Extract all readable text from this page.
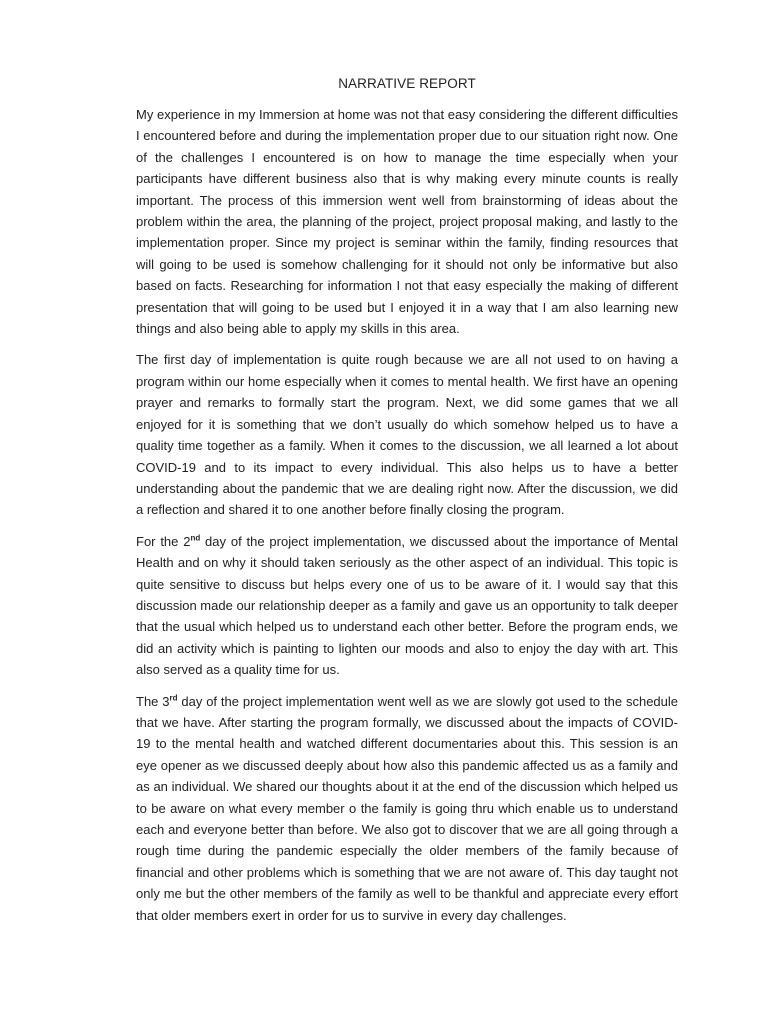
NARRATIVE REPORT

My experience in my Immersion at home was not that easy considering the different difficulties I encountered before and during the implementation proper due to our situation right now. One of the challenges I encountered is on how to manage the time especially when your participants have different business also that is why making every minute counts is really important. The process of this immersion went well from brainstorming of ideas about the problem within the area, the planning of the project, project proposal making, and lastly to the implementation proper. Since my project is seminar within the family, finding resources that will going to be used is somehow challenging for it should not only be informative but also based on facts. Researching for information I not that easy especially the making of different presentation that will going to be used but I enjoyed it in a way that I am also learning new things and also being able to apply my skills in this area.

The first day of implementation is quite rough because we are all not used to on having a program within our home especially when it comes to mental health. We first have an opening prayer and remarks to formally start the program. Next, we did some games that we all enjoyed for it is something that we don’t usually do which somehow helped us to have a quality time together as a family. When it comes to the discussion, we all learned a lot about COVID-19 and to its impact to every individual. This also helps us to have a better understanding about the pandemic that we are dealing right now. After the discussion, we did a reflection and shared it to one another before finally closing the program.

For the 2nd day of the project implementation, we discussed about the importance of Mental Health and on why it should taken seriously as the other aspect of an individual. This topic is quite sensitive to discuss but helps every one of us to be aware of it. I would say that this discussion made our relationship deeper as a family and gave us an opportunity to talk deeper that the usual which helped us to understand each other better. Before the program ends, we did an activity which is painting to lighten our moods and also to enjoy the day with art. This also served as a quality time for us.

The 3rd day of the project implementation went well as we are slowly got used to the schedule that we have. After starting the program formally, we discussed about the impacts of COVID-19 to the mental health and watched different documentaries about this. This session is an eye opener as we discussed deeply about how also this pandemic affected us as a family and as an individual. We shared our thoughts about it at the end of the discussion which helped us to be aware on what every member o the family is going thru which enable us to understand each and everyone better than before. We also got to discover that we are all going through a rough time during the pandemic especially the older members of the family because of financial and other problems which is something that we are not aware of. This day taught not only me but the other members of the family as well to be thankful and appreciate every effort that older members exert in order for us to survive in every day challenges.
